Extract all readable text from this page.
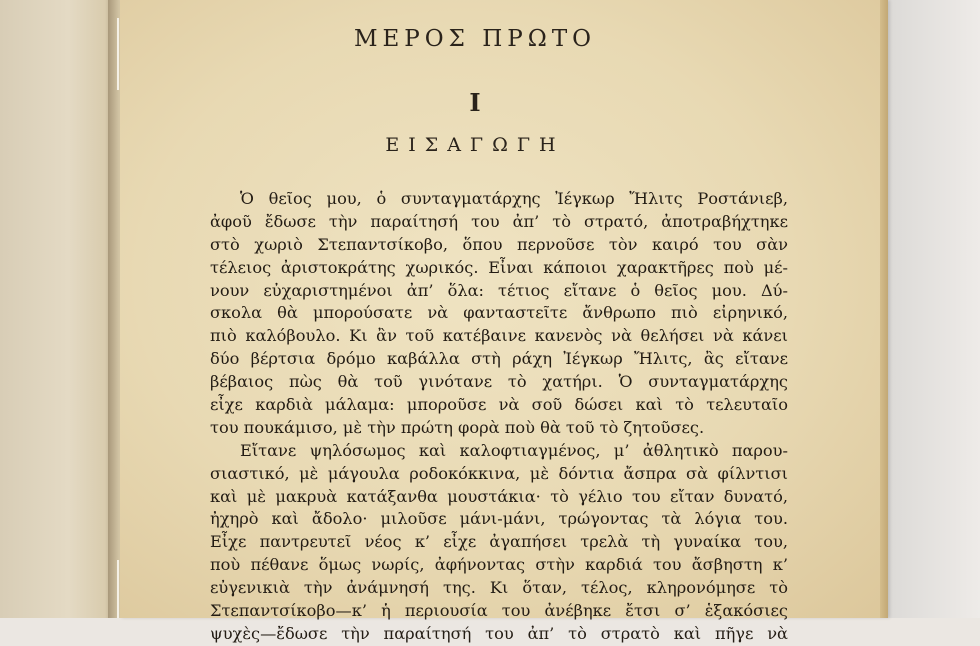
ΜΕΡΟΣ ΠΡΩΤΟ
I
ΕΙΣΑΓΩΓΗ
Ὁ θεῖος μου, ὁ συνταγματάρχης Ἰέγκωρ Ἤλιτς Ροστάνιεβ,
ἀφοῦ ἔδωσε τὴν παραίτησή του ἀπ’ τὸ στρατό, ἀποτραβήχτηκε
στὸ χωριὸ Στεπαντσίκοβο, ὅπου περνοῦσε τὸν καιρό του σὰν
τέλειος ἀριστοκράτης χωρικός. Εἶναι κάποιοι χαρακτῆρες ποὺ μέ-
νουν εὐχαριστημένοι ἀπ’ ὅλα: τέτιος εἴτανε ὁ θεῖος μου. Δύ-
σκολα θὰ μπορούσατε νὰ φανταστεῖτε ἄνθρωπο πιὸ εἰρηνικό,
πιὸ καλόβουλο. Κι ἂν τοῦ κατέβαινε κανενὸς νὰ θελήσει νὰ κάνει
δύο βέρτσια δρόμο καβάλλα στὴ ράχη Ἰέγκωρ Ἤλιτς, ἂς εἴτανε
βέβαιος πὼς θὰ τοῦ γινότανε τὸ χατήρι. Ὁ συνταγματάρχης
εἶχε καρδιὰ μάλαμα: μποροῦσε νὰ σοῦ δώσει καὶ τὸ τελευταῖο
του πουκάμισο, μὲ τὴν πρώτη φορὰ ποὺ θὰ τοῦ τὸ ζητοῦσες.
Εἴτανε ψηλόσωμος καὶ καλοφτιαγμένος, μ’ ἀθλητικὸ παρου-
σιαστικό, μὲ μάγουλα ροδοκόκκινα, μὲ δόντια ἄσπρα σὰ φίλντισι
καὶ μὲ μακρυὰ κατάξανθα μουστάκια· τὸ γέλιο του εἴταν δυνατό,
ἠχηρὸ καὶ ἄδολο· μιλοῦσε μάνι-μάνι, τρώγοντας τὰ λόγια του.
Εἶχε παντρευτεῖ νέος κ’ εἶχε ἀγαπήσει τρελὰ τὴ γυναίκα του,
ποὺ πέθανε ὅμως νωρίς, ἀφήνοντας στὴν καρδιά του ἄσβηστη κ’
εὐγενικιὰ τὴν ἀνάμνησή της. Κι ὅταν, τέλος, κληρονόμησε τὸ
Στεπαντσίκοβο—κ’ ἡ περιουσία του ἀνέβηκε ἔτσι σ’ ἑξακόσιες
ψυχὲς—ἔδωσε τὴν παραίτησή του ἀπ’ τὸ στρατὸ καὶ πῆγε νὰ
